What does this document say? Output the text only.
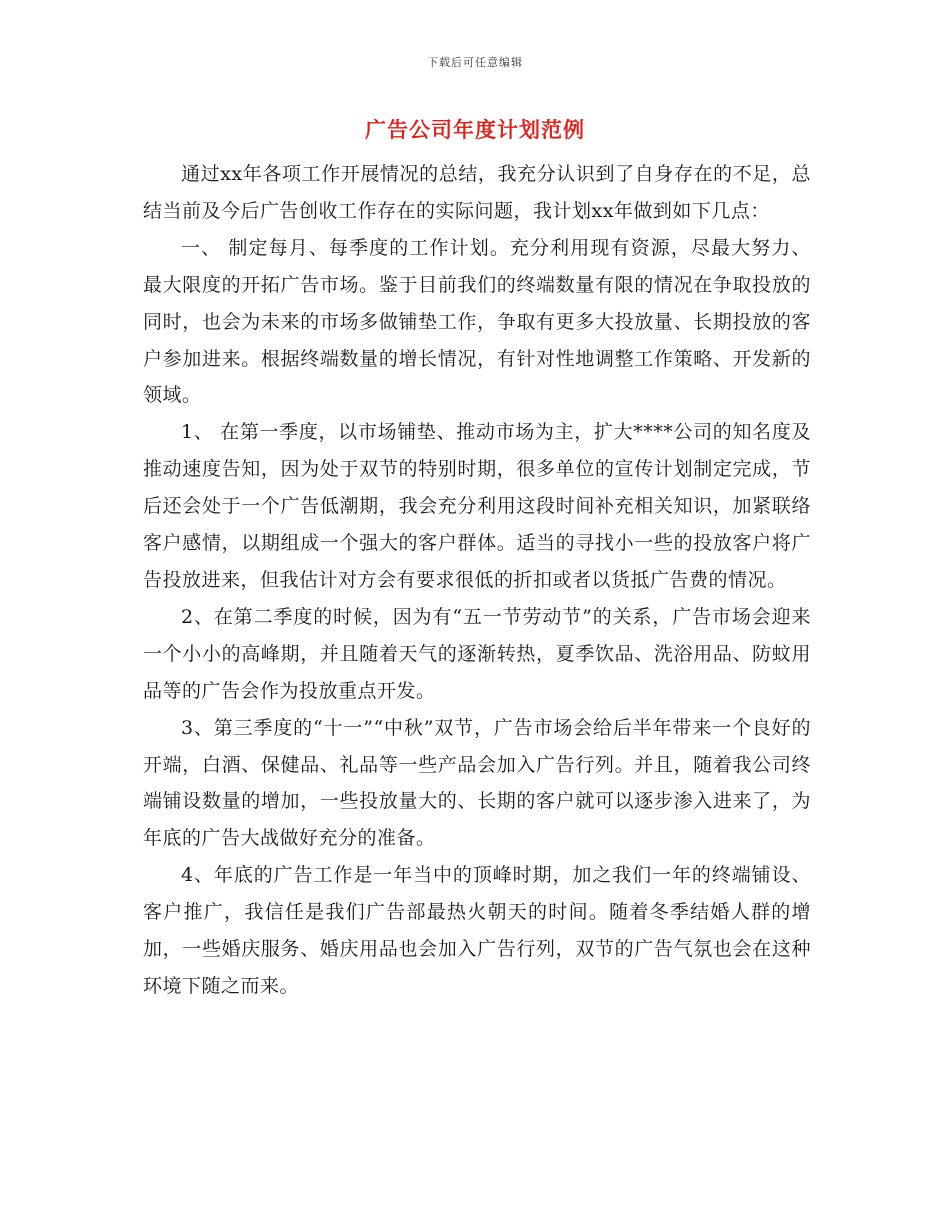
下载后可任意编辑
广告公司年度计划范例

通过xx年各项工作开展情况的总结，我充分认识到了自身存在的不足，总结当前及今后广告创收工作存在的实际问题，我计划xx年做到如下几点：

一、 制定每月、每季度的工作计划。充分利用现有资源，尽最大努力、最大限度的开拓广告市场。鉴于目前我们的终端数量有限的情况在争取投放的同时，也会为未来的市场多做铺垫工作，争取有更多大投放量、长期投放的客户参加进来。根据终端数量的增长情况，有针对性地调整工作策略、开发新的领域。

1、 在第一季度，以市场铺垫、推动市场为主，扩大****公司的知名度及推动速度告知，因为处于双节的特别时期，很多单位的宣传计划制定完成，节后还会处于一个广告低潮期，我会充分利用这段时间补充相关知识，加紧联络客户感情，以期组成一个强大的客户群体。适当的寻找小一些的投放客户将广告投放进来，但我估计对方会有要求很低的折扣或者以货抵广告费的情况。

2、在第二季度的时候，因为有“五一节劳动节”的关系，广告市场会迎来一个小小的高峰期，并且随着天气的逐渐转热，夏季饮品、洗浴用品、防蚊用品等的广告会作为投放重点开发。

3、第三季度的“十一”“中秋”双节，广告市场会给后半年带来一个良好的开端，白酒、保健品、礼品等一些产品会加入广告行列。并且，随着我公司终端铺设数量的增加，一些投放量大的、长期的客户就可以逐步渗入进来了，为年底的广告大战做好充分的准备。

4、年底的广告工作是一年当中的顶峰时期，加之我们一年的终端铺设、客户推广，我信任是我们广告部最热火朝天的时间。随着冬季结婚人群的增加，一些婚庆服务、婚庆用品也会加入广告行列，双节的广告气氛也会在这种环境下随之而来。
